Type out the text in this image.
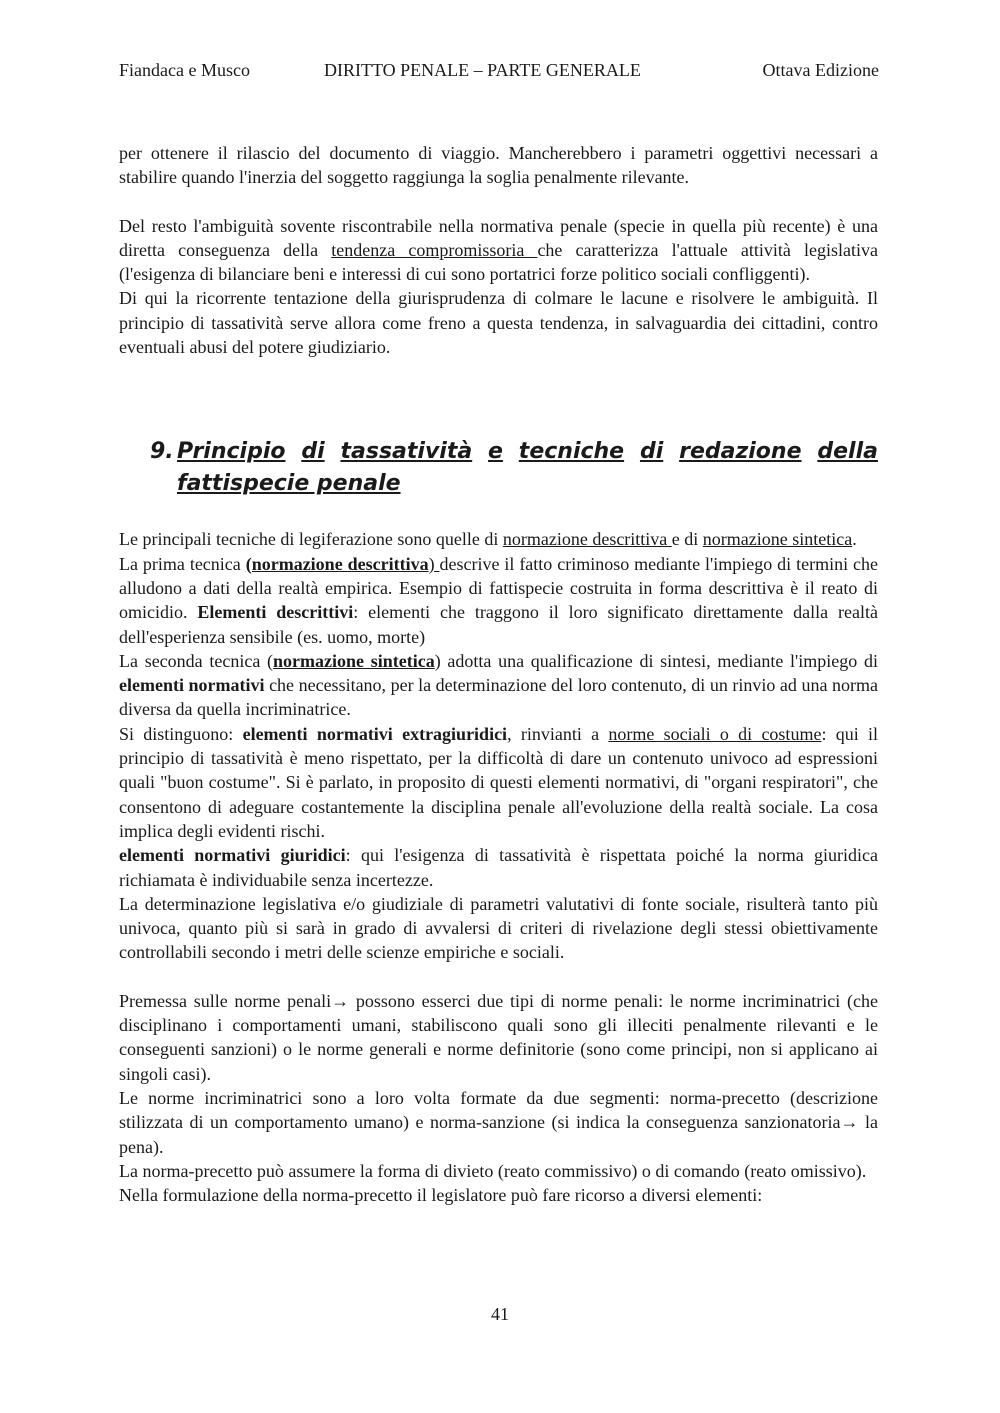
Fiandaca e Musco	DIRITTO PENALE – PARTE GENERALE	Ottava Edizione

per ottenere il rilascio del documento di viaggio. Mancherebbero i parametri oggettivi necessari a stabilire quando l'inerzia del soggetto raggiunga la soglia penalmente rilevante.

Del resto l'ambiguità sovente riscontrabile nella normativa penale (specie in quella più recente) è una diretta conseguenza della tendenza compromissoria che caratterizza l'attuale attività legislativa (l'esigenza di bilanciare beni e interessi di cui sono portatrici forze politico sociali confliggenti).

Di qui la ricorrente tentazione della giurisprudenza di colmare le lacune e risolvere le ambiguità. Il principio di tassatività serve allora come freno a questa tendenza, in salvaguardia dei cittadini, contro eventuali abusi del potere giudiziario.

9. Principio di tassatività e tecniche di redazione della
fattispecie penale

Le principali tecniche di legiferazione sono quelle di normazione descrittiva e di normazione sintetica.

La prima tecnica (normazione descrittiva) descrive il fatto criminoso mediante l'impiego di termini che alludono a dati della realtà empirica. Esempio di fattispecie costruita in forma descrittiva è il reato di omicidio. Elementi descrittivi: elementi che traggono il loro significato direttamente dalla realtà dell'esperienza sensibile (es. uomo, morte)

La seconda tecnica (normazione sintetica) adotta una qualificazione di sintesi, mediante l'impiego di elementi normativi che necessitano, per la determinazione del loro contenuto, di un rinvio ad una norma diversa da quella incriminatrice.

Si distinguono: elementi normativi extragiuridici, rinvianti a norme sociali o di costume: qui il principio di tassatività è meno rispettato, per la difficoltà di dare un contenuto univoco ad espressioni quali "buon costume". Si è parlato, in proposito di questi elementi normativi, di "organi respiratori", che consentono di adeguare costantemente la disciplina penale all'evoluzione della realtà sociale. La cosa implica degli evidenti rischi.

elementi normativi giuridici: qui l'esigenza di tassatività è rispettata poiché la norma giuridica richiamata è individuabile senza incertezze.

La determinazione legislativa e/o giudiziale di parametri valutativi di fonte sociale, risulterà tanto più univoca, quanto più si sarà in grado di avvalersi di criteri di rivelazione degli stessi obiettivamente controllabili secondo i metri delle scienze empiriche e sociali.

Premessa sulle norme penali→ possono esserci due tipi di norme penali: le norme incriminatrici (che disciplinano i comportamenti umani, stabiliscono quali sono gli illeciti penalmente rilevanti e le conseguenti sanzioni) o le norme generali e norme definitorie (sono come principi, non si applicano ai singoli casi).

Le norme incriminatrici sono a loro volta formate da due segmenti: norma-precetto (descrizione stilizzata di un comportamento umano) e norma-sanzione (si indica la conseguenza sanzionatoria→ la pena).

La norma-precetto può assumere la forma di divieto (reato commissivo) o di comando (reato omissivo).

Nella formulazione della norma-precetto il legislatore può fare ricorso a diversi elementi:

41
